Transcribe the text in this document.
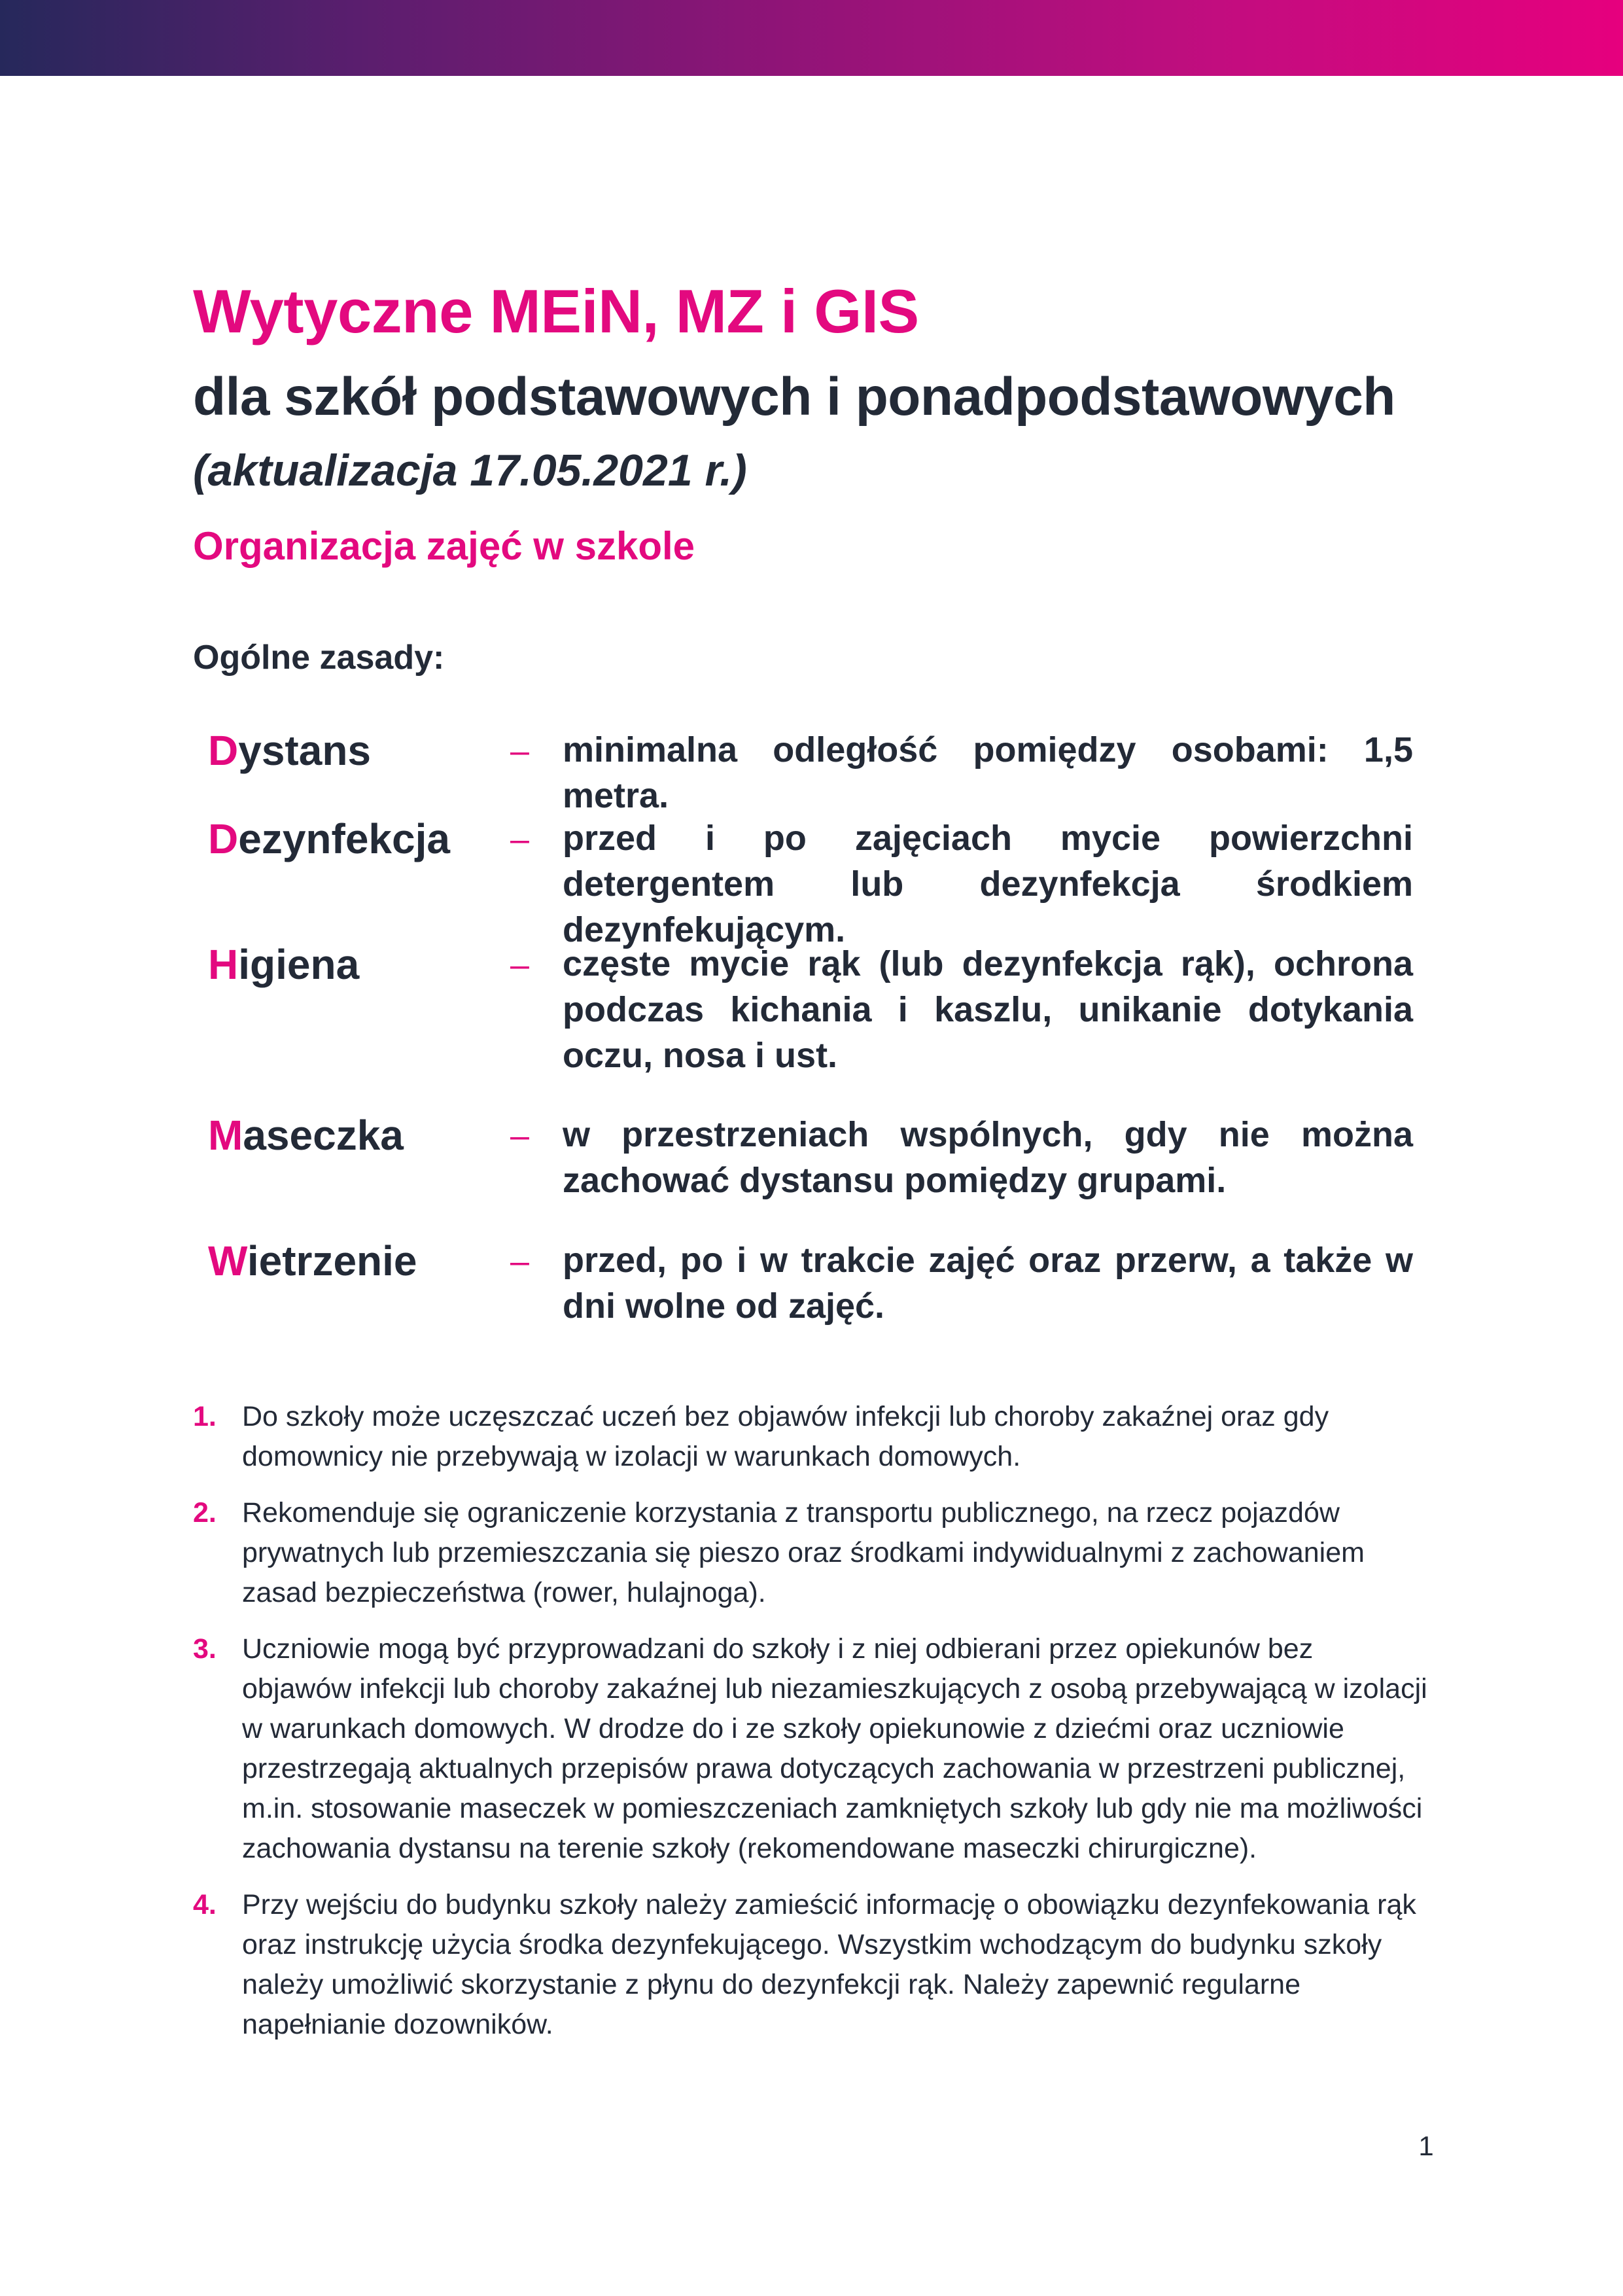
Wytyczne MEiN, MZ i GIS
dla szkół podstawowych i ponadpodstawowych

(aktualizacja 17.05.2021 r.)

Organizacja zajęć w szkole

Ogólne zasady:

Dystans	– minimalna odległość pomiędzy osobami: 1,5 metra.

Dezynfekcja – przed i po zajęciach mycie powierzchni detergentem lub dezynfekcja środkiem dezynfekującym.

Higiena	– częste mycie rąk (lub dezynfekcja rąk), ochrona podczas kichania i kaszlu, unikanie dotykania oczu, nosa i ust.

Maseczka	– w przestrzeniach wspólnych, gdy nie można zachować dystansu pomiędzy grupami.

Wietrzenie	– przed, po i w trakcie zajęć oraz przerw, a także w dni wolne od zajęć.

1. Do szkoły może uczęszczać uczeń bez objawów infekcji lub choroby zakaźnej oraz gdy domownicy nie przebywają w izolacji w warunkach domowych.
2. Rekomenduje się ograniczenie korzystania z transportu publicznego, na rzecz pojazdów prywatnych lub przemieszczania się pieszo oraz środkami indywidualnymi z zachowaniem zasad bezpieczeństwa (rower, hulajnoga).
3. Uczniowie mogą być przyprowadzani do szkoły i z niej odbierani przez opiekunów bez objawów infekcji lub choroby zakaźnej lub niezamieszkujących z osobą przebywającą w izolacji w warunkach domowych. W drodze do i ze szkoły opiekunowie z dziećmi oraz uczniowie przestrzegają aktualnych przepisów prawa dotyczących zachowania w przestrzeni publicznej, m.in. stosowanie maseczek w pomieszczeniach zamkniętych szkoły lub gdy nie ma możliwości zachowania dystansu na terenie szkoły (rekomendowane maseczki chirurgiczne).
4. Przy wejściu do budynku szkoły należy zamieścić informację o obowiązku dezynfekowania rąk oraz instrukcję użycia środka dezynfekującego. Wszystkim wchodzącym do budynku szkoły należy umożliwić skorzystanie z płynu do dezynfekcji rąk. Należy zapewnić regularne napełnianie dozowników.
1
